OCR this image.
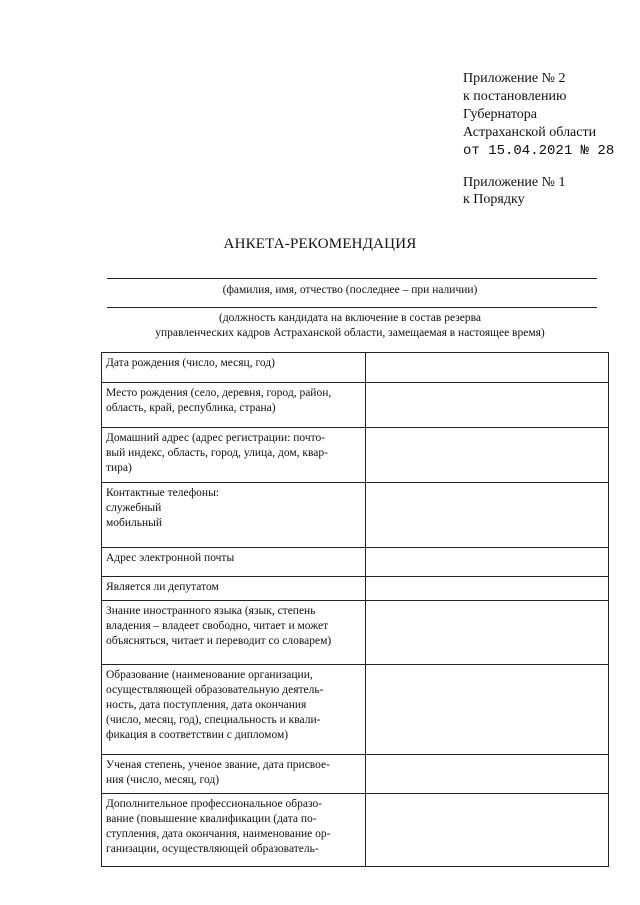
Приложение № 2
к постановлению
Губернатора
Астраханской области
от 15.04.2021 № 28
Приложение № 1
к Порядку
АНКЕТА-РЕКОМЕНДАЦИЯ
(фамилия, имя, отчество (последнее – при наличии)
(должность кандидата на включение в состав резерва
управленческих кадров Астраханской области, замещаемая в настоящее время)
Дата рождения (число, месяц, год)	

Место рождения (село, деревня, город, район,
область, край, республика, страна)	

Домашний адрес (адрес регистрации: почто-
вый индекс, область, город, улица, дом, квар-
тира)	

Контактные телефоны:
служебный
мобильный	

Адрес электронной почты	

Является ли депутатом	

Знание иностранного языка (язык, степень
владения – владеет свободно, читает и может
объясняться, читает и переводит со словарем)	

Образование (наименование организации,
осуществляющей образовательную деятель-
ность, дата поступления, дата окончания
(число, месяц, год), специальность и квали-
фикация в соответствии с дипломом)	

Ученая степень, ученое звание, дата присвое-
ния (число, месяц, год)	

Дополнительное профессиональное образо-
вание (повышение квалификации (дата по-
ступления, дата окончания, наименование ор-
ганизации, осуществляющей образователь-	
